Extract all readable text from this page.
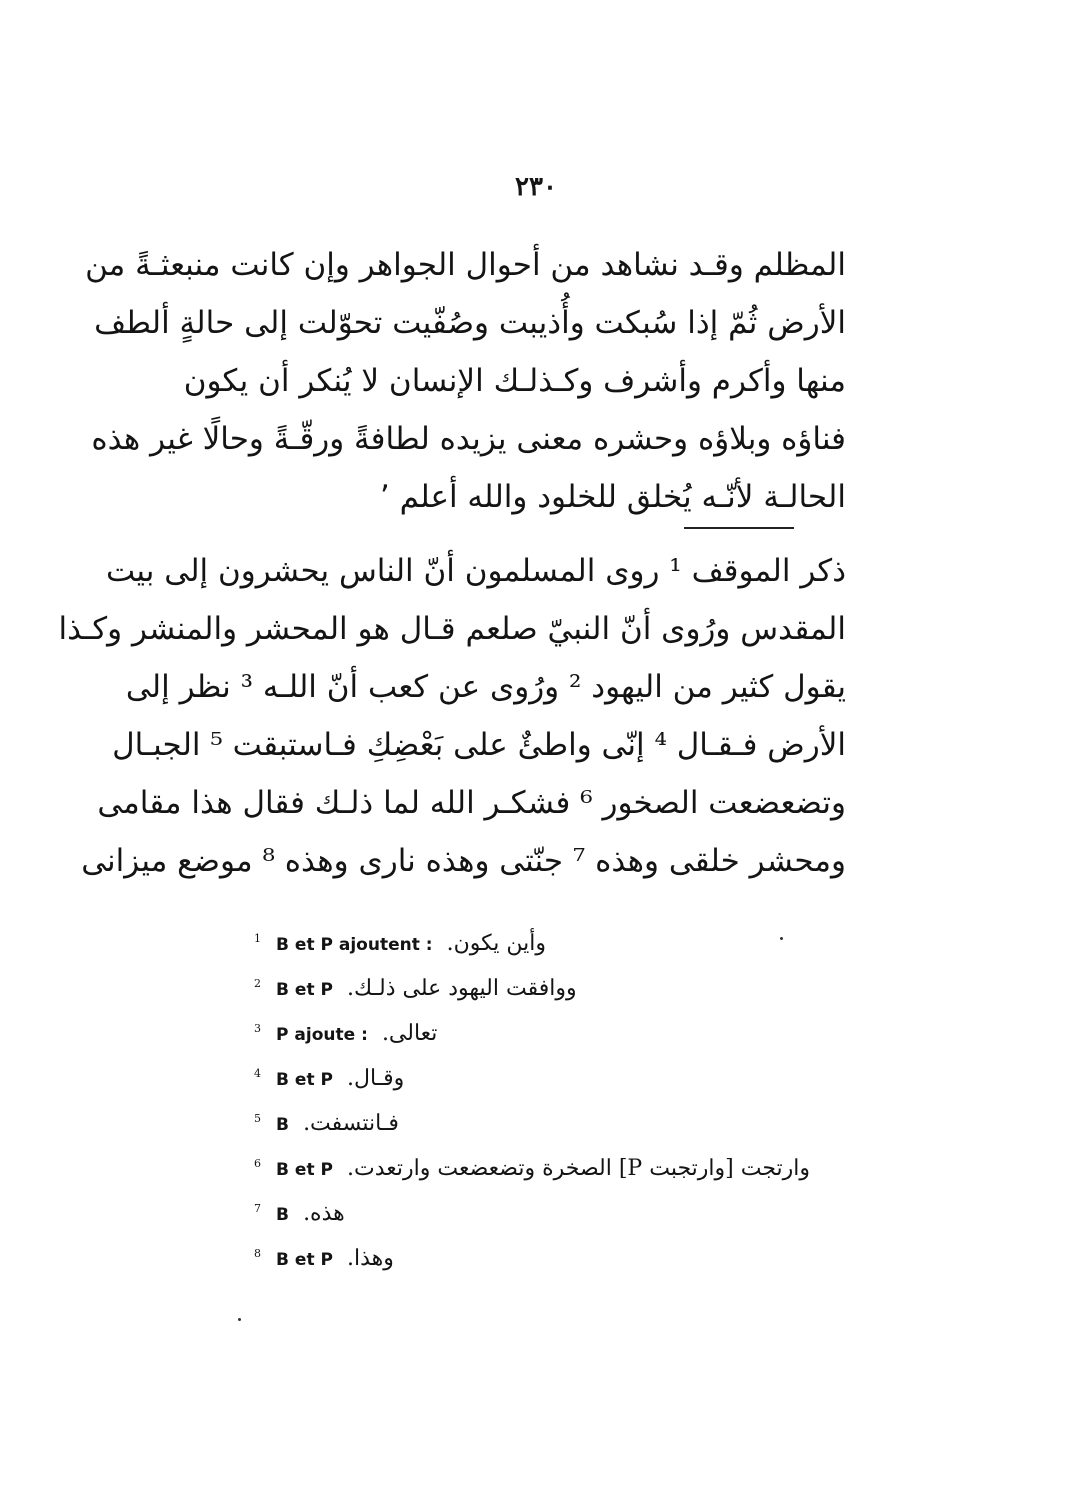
٢٣٠
المظلم وقـد نشاهد من أحوال الجواهر وإن كانت منبعثـةً من
الأرض ثُمّ إذا سُبكت وأُذيبت وصُفّيت تحوّلت إلى حالةٍ ألطف
منها وأكرم وأشرف وكـذلـك الإنسان لا يُنكر أن يكون
فناؤه وبلاؤه وحشره معنى يزيده لطافةً ورقّـةً وحالًا غير هذه
الحالـة لأنّـه يُخلق للخلود والله أعلم ٬
ذكر الموقف ¹ روى المسلمون أنّ الناس يحشرون إلى بيت
المقدس ورُوى أنّ النبيّ صلعم قـال هو المحشر والمنشر وكـذا
يقول كثير من اليهود ² ورُوى عن كعب أنّ اللـه ³ نظر إلى
الأرض فـقـال ⁴ إنّى واطئٌ على بَعْضِكِ فـاستبقت ⁵ الجبـال
وتضعضعت الصخور ⁶ فشكـر الله لما ذلـك فقال هذا مقامى
ومحشر خلقى وهذه ⁷ جنّتى وهذه نارى وهذه ⁸ موضع ميزانى
1 B et P ajoutent : وأين يكون.
2 B et P ووافقت اليهود على ذلـك.
3 P ajoute : تعالى.
4 B et P وقـال.
5 B فـانتسفت.
6 B et P وارتجت [وارتجبت P] الصخرة وتضعضعت وارتعدت.
7 B هذه.
8 B et P وهذا.
